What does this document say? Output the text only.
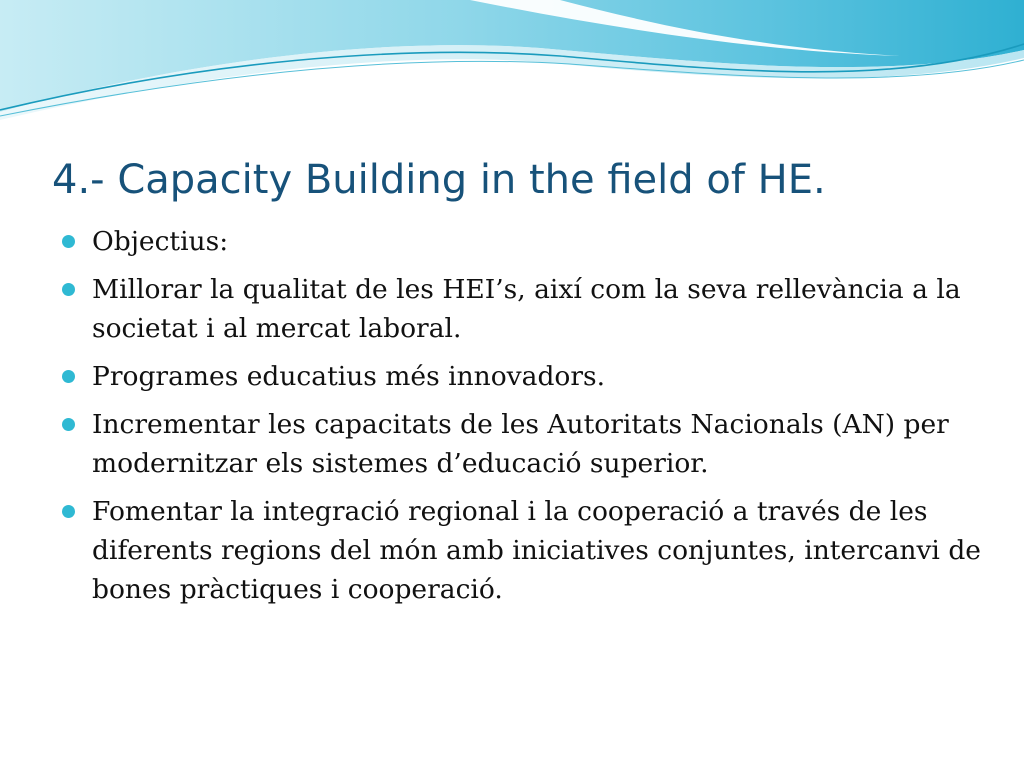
4.- Capacity Building in the field of HE.
Objectius:
Millorar la qualitat de les HEI’s, així com la seva rellevància a la societat i al mercat laboral.
Programes educatius més innovadors.
Incrementar les capacitats de les Autoritats Nacionals (AN) per modernitzar els sistemes d’educació superior.
Fomentar la integració regional i la cooperació a través de les diferents regions del món amb iniciatives conjuntes, intercanvi de bones pràctiques i cooperació.
